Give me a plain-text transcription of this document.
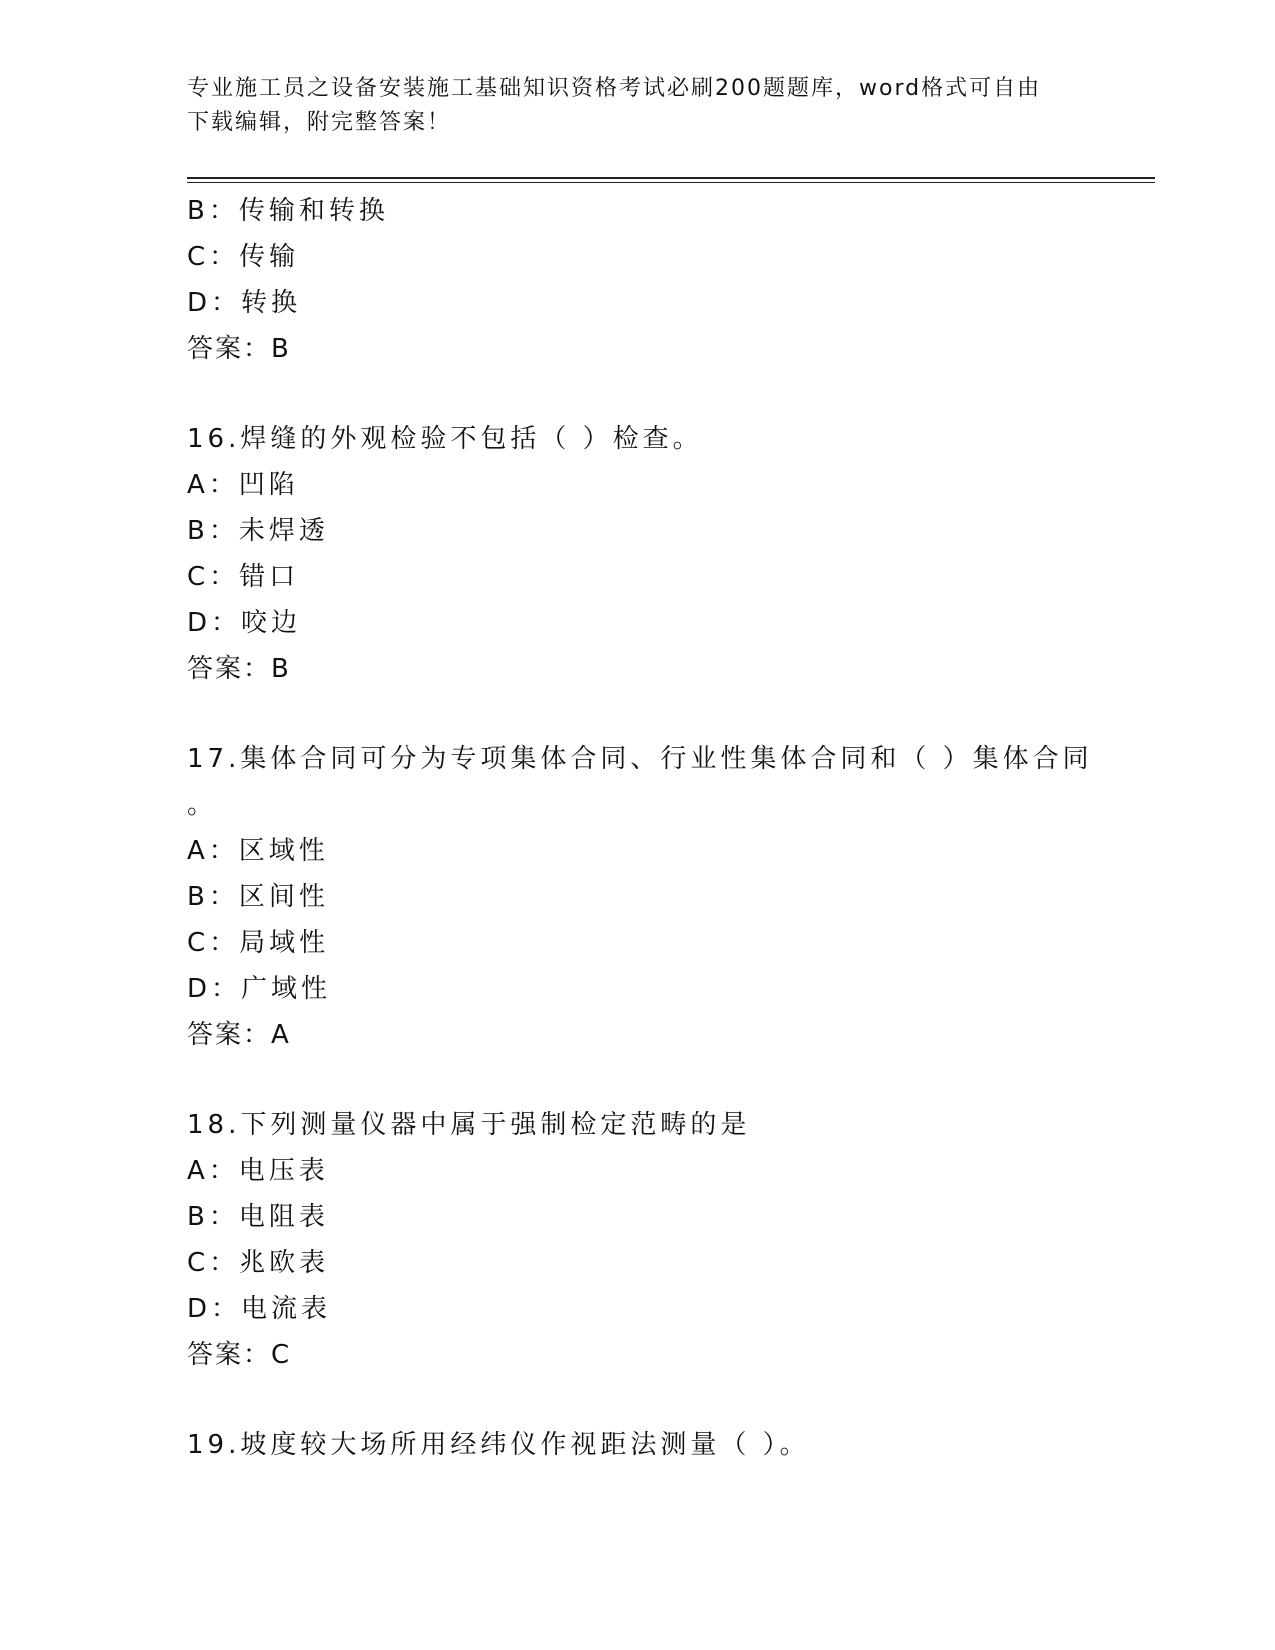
专业施工员之设备安装施工基础知识资格考试必刷200题题库，word格式可自由
下载编辑，附完整答案！
B：传输和转换
C：传输
D：转换
答案：B
16.焊缝的外观检验不包括（ ）检查。
A：凹陷
B：未焊透
C：错口
D：咬边
答案：B
17.集体合同可分为专项集体合同、行业性集体合同和（ ）集体合同
。
A：区域性
B：区间性
C：局域性
D：广域性
答案：A
18.下列测量仪器中属于强制检定范畴的是
A：电压表
B：电阻表
C：兆欧表
D：电流表
答案：C
19.坡度较大场所用经纬仪作视距法测量（ ）。
